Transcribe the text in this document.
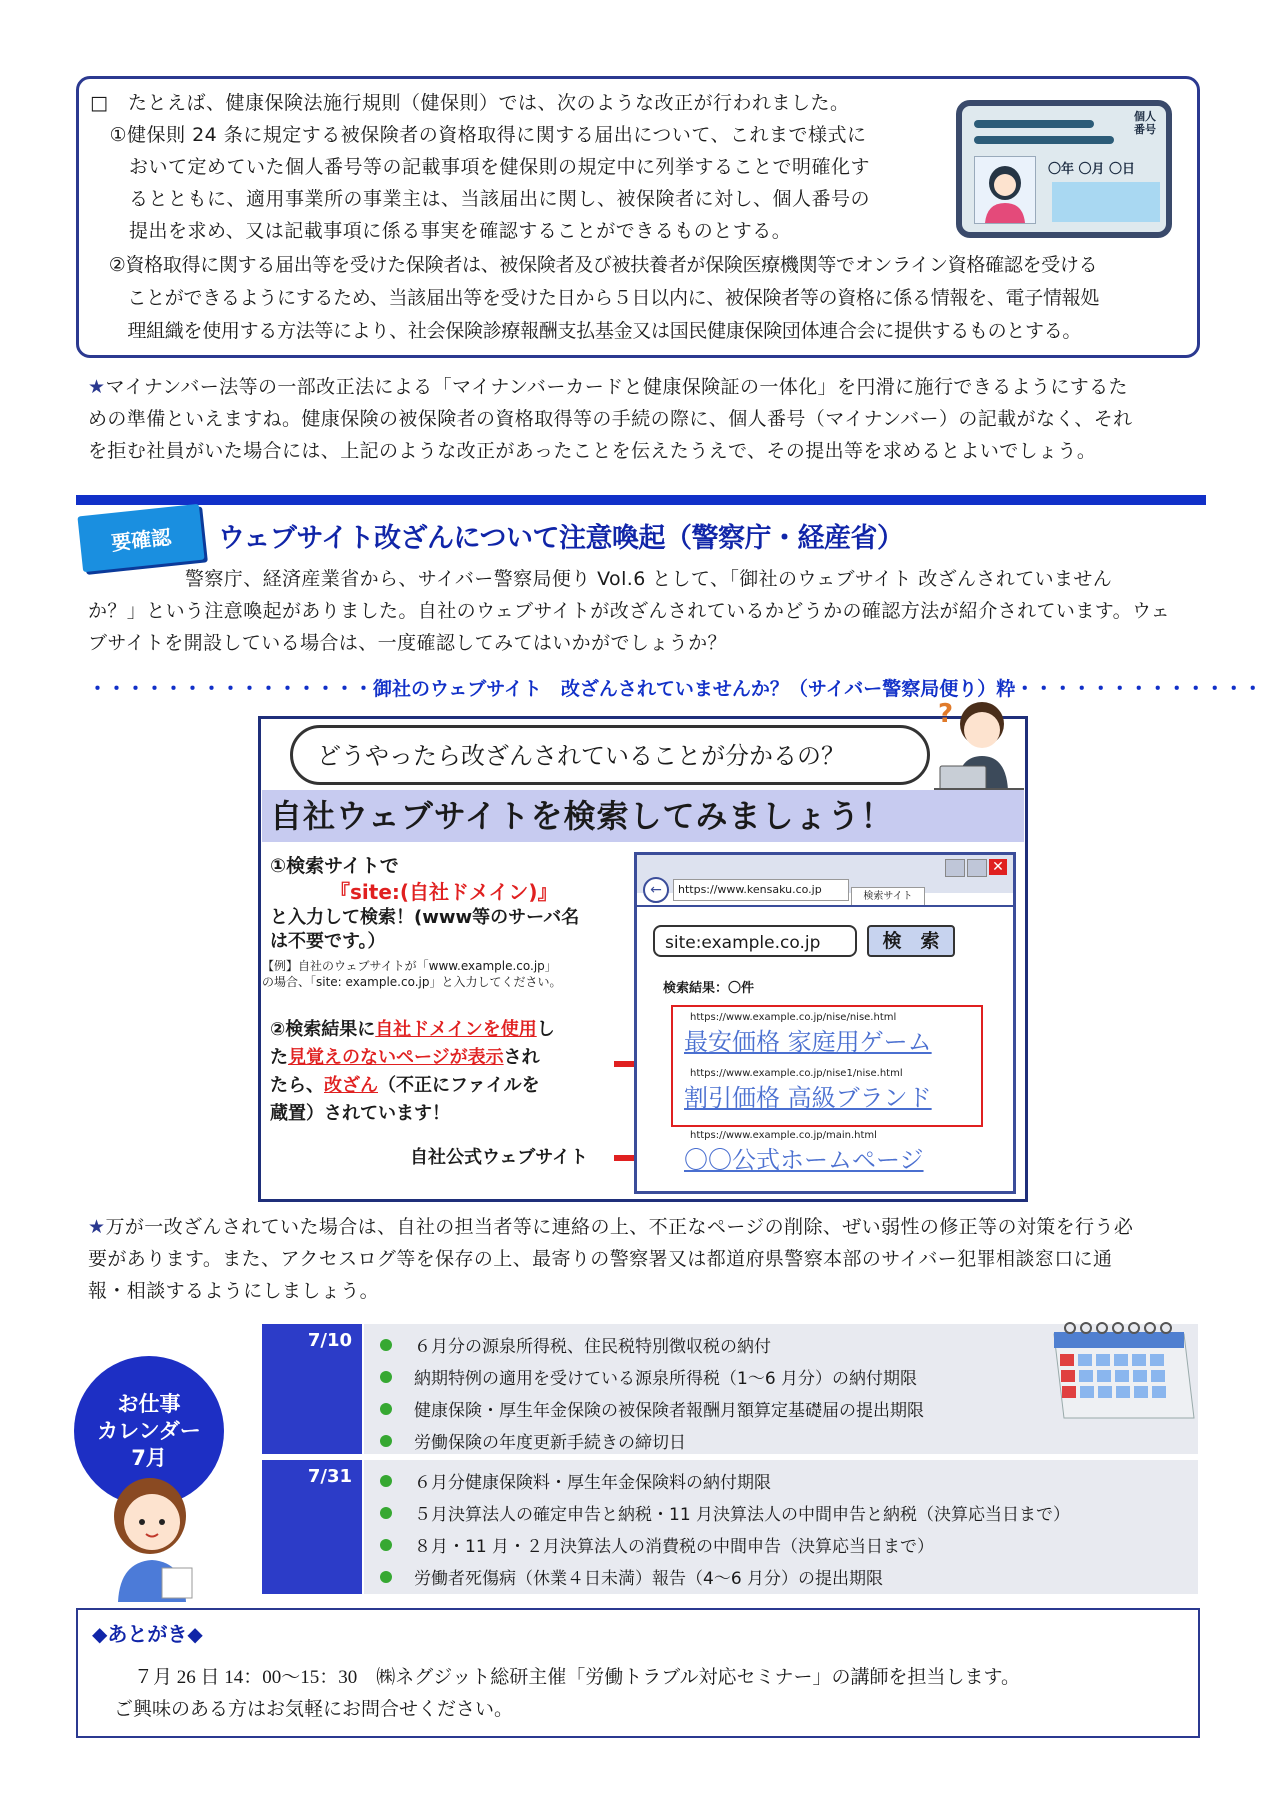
□　たとえば、健康保険法施行規則（健保則）では、次のような改正が行われました。
　①健保則 24 条に規定する被保険者の資格取得に関する届出について、これまで様式に
　　おいて定めていた個人番号等の記載事項を健保則の規定中に列挙することで明確化す
　　るとともに、適用事業所の事業主は、当該届出に関し、被保険者に対し、個人番号の
　　提出を求め、又は記載事項に係る事実を確認することができるものとする。
　②資格取得に関する届出等を受けた保険者は、被保険者及び被扶養者が保険医療機関等でオンライン資格確認を受ける
　　ことができるようにするため、当該届出等を受けた日から５日以内に、被保険者等の資格に係る情報を、電子情報処
　　理組織を使用する方法等により、社会保険診療報酬支払基金又は国民健康保険団体連合会に提供するものとする。
個人
番号
〇年 〇月 〇日
★マイナンバー法等の一部改正法による「マイナンバーカードと健康保険証の一体化」を円滑に施行できるようにするた
めの準備といえますね。健康保険の被保険者の資格取得等の手続の際に、個人番号（マイナンバー）の記載がなく、それ
を拒む社員がいた場合には、上記のような改正があったことを伝えたうえで、その提出等を求めるとよいでしょう。
要確認	ウェブサイト改ざんについて注意喚起（警察庁・経産省）
　　　　　警察庁、経済産業省から、サイバー警察局便り Vol.6 として、「御社のウェブサイト 改ざんされていません
か？」という注意喚起がありました。自社のウェブサイトが改ざんされているかどうかの確認方法が紹介されています。ウェ
ブサイトを開設している場合は、一度確認してみてはいかがでしょうか？
・・・・・・・・・・・・・・・御社のウェブサイト　改ざんされていませんか？（サイバー警察局便り）粋・・・・・・・・・・・・・
どうやったら改ざんされていることが分かるの？
?
自社ウェブサイトを検索してみましょう！
①検索サイトで
『site:(自社ドメイン)』
と入力して検索！(www等のサーバ名
は不要です。）
【例】自社のウェブサイトが「www.example.co.jp」
の場合、「site: example.co.jp」と入力してください。
②検索結果に自社ドメインを使用し
た見覚えのないページが表示され
たら、改ざん（不正にファイルを
蔵置）されています！
自社公式ウェブサイト
✕
←	https://www.kensaku.co.jp
検索サイト
site:example.co.jp	検　索
検索結果：〇件
https://www.example.co.jp/nise/nise.html
最安価格 家庭用ゲーム
https://www.example.co.jp/nise1/nise.html
割引価格 高級ブランド
https://www.example.co.jp/main.html
〇〇公式ホームページ
★万が一改ざんされていた場合は、自社の担当者等に連絡の上、不正なページの削除、ぜい弱性の修正等の対策を行う必
要があります。また、アクセスログ等を保存の上、最寄りの警察署又は都道府県警察本部のサイバー犯罪相談窓口に通
報・相談するようにしましょう。
お仕事
カレンダー
7月
7/10	６月分の源泉所得税、住民税特別徴収税の納付
納期特例の適用を受けている源泉所得税（1～6 月分）の納付期限
健康保険・厚生年金保険の被保険者報酬月額算定基礎届の提出期限
労働保険の年度更新手続きの締切日
7/31	６月分健康保険料・厚生年金保険料の納付期限
５月決算法人の確定申告と納税・11 月決算法人の中間申告と納税（決算応当日まで）
８月・11 月・２月決算法人の消費税の中間申告（決算応当日まで）
労働者死傷病（休業４日未満）報告（4～6 月分）の提出期限
◆あとがき◆
７月 26 日 14：00～15：30　㈱ネグジット総研主催「労働トラブル対応セミナー」の講師を担当します。
ご興味のある方はお気軽にお問合せください。
